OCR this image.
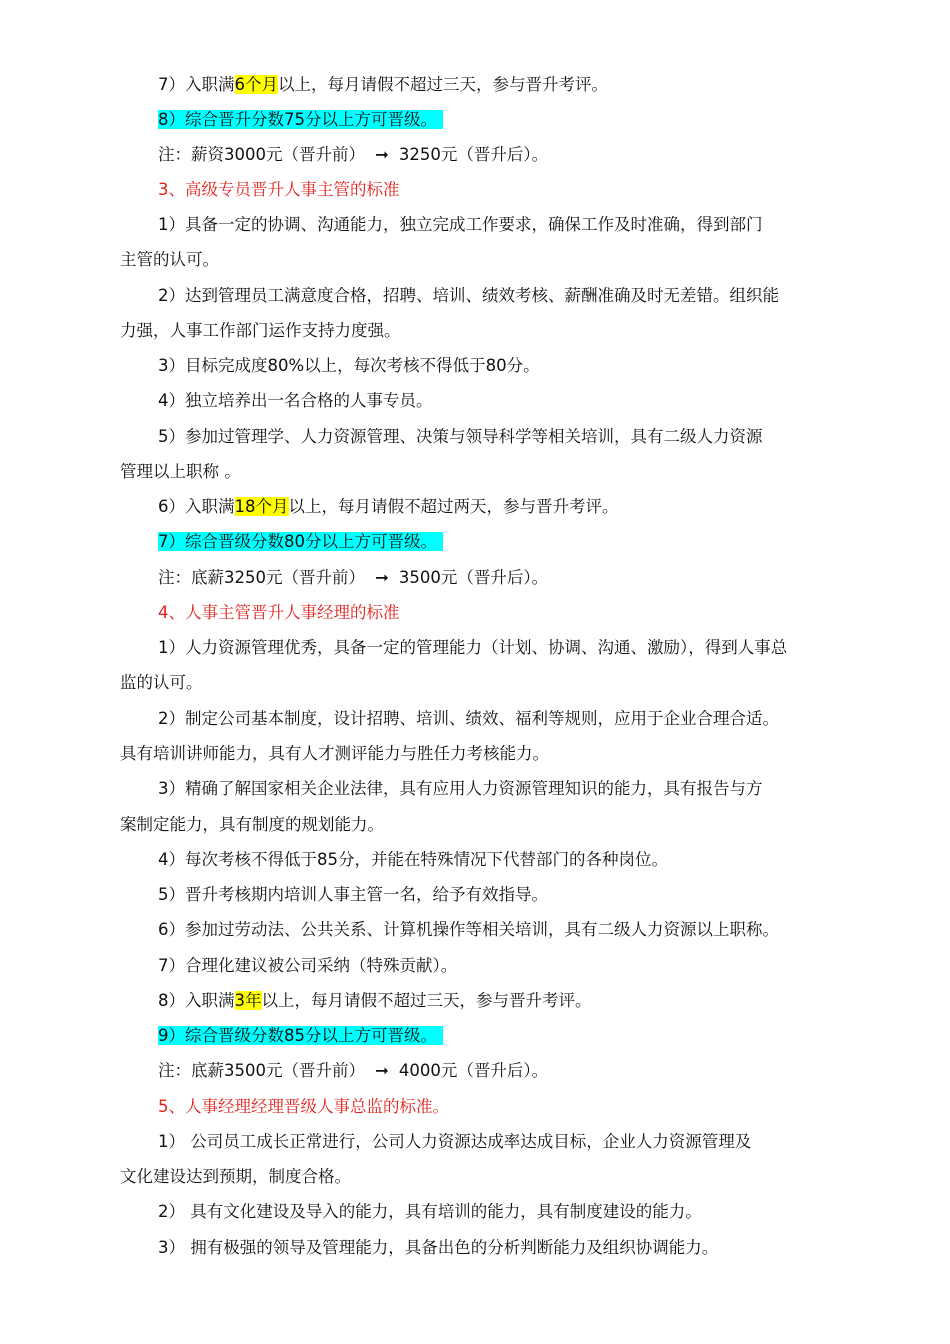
7）入职满6个月以上，每月请假不超过三天，参与晋升考评。
8）综合晋升分数75分以上方可晋级。
注：薪资3000元（晋升前） ➞ 3250元（晋升后）。
3、高级专员晋升人事主管的标准
1）具备一定的协调、沟通能力，独立完成工作要求，确保工作及时准确，得到部门
主管的认可。
2）达到管理员工满意度合格，招聘、培训、绩效考核、薪酬准确及时无差错。组织能
力强，人事工作部门运作支持力度强。
3）目标完成度80%以上，每次考核不得低于80分。
4）独立培养出一名合格的人事专员。
5）参加过管理学、人力资源管理、决策与领导科学等相关培训，具有二级人力资源
管理以上职称 。
6）入职满18个月以上，每月请假不超过两天，参与晋升考评。
7）综合晋级分数80分以上方可晋级。
注：底薪3250元（晋升前） ➞ 3500元（晋升后）。
4、人事主管晋升人事经理的标准
1）人力资源管理优秀，具备一定的管理能力（计划、协调、沟通、激励），得到人事总
监的认可。
2）制定公司基本制度，设计招聘、培训、绩效、福利等规则，应用于企业合理合适。
具有培训讲师能力，具有人才测评能力与胜任力考核能力。
3）精确了解国家相关企业法律，具有应用人力资源管理知识的能力，具有报告与方
案制定能力，具有制度的规划能力。
4）每次考核不得低于85分，并能在特殊情况下代替部门的各种岗位。
5）晋升考核期内培训人事主管一名，给予有效指导。
6）参加过劳动法、公共关系、计算机操作等相关培训，具有二级人力资源以上职称。
7）合理化建议被公司采纳（特殊贡献）。
8）入职满3年以上，每月请假不超过三天，参与晋升考评。
9）综合晋级分数85分以上方可晋级。
注：底薪3500元（晋升前） ➞ 4000元（晋升后）。
5、人事经理经理晋级人事总监的标准。
1） 公司员工成长正常进行，公司人力资源达成率达成目标，企业人力资源管理及
文化建设达到预期，制度合格。
2） 具有文化建设及导入的能力，具有培训的能力，具有制度建设的能力。
3） 拥有极强的领导及管理能力，具备出色的分析判断能力及组织协调能力。
